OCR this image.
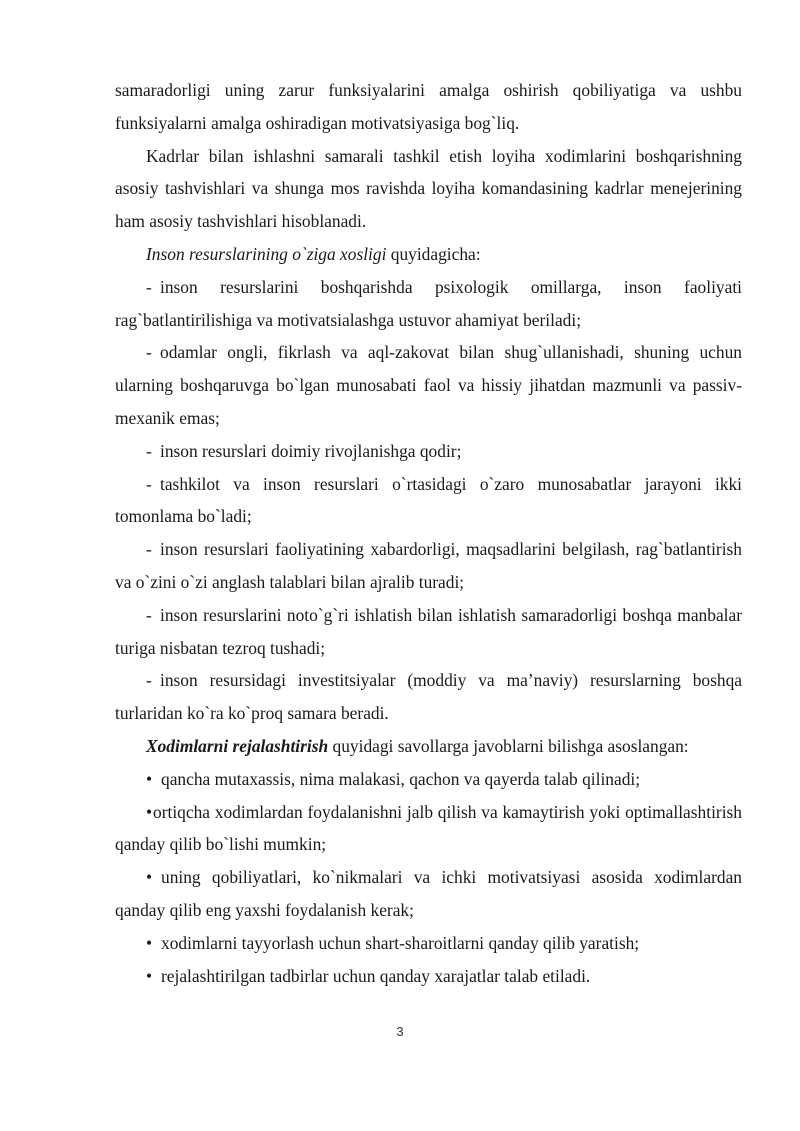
samaradorligi uning zarur funksiyalarini amalga oshirish qobiliyatiga va ushbu funksiyalarni amalga oshiradigan motivatsiyasiga bog`liq.

Kadrlar bilan ishlashni samarali tashkil etish loyiha xodimlarini boshqarishning asosiy tashvishlari va shunga mos ravishda loyiha komandasining kadrlar menejerining ham asosiy tashvishlari hisoblanadi.

Inson resurslarining o`ziga xosligi quyidagicha:

- inson resurslarini boshqarishda psixologik omillarga, inson faoliyati rag`batlantirilishiga va motivatsialashga ustuvor ahamiyat beriladi;

- odamlar ongli, fikrlash va aql-zakovat bilan shug`ullanishadi, shuning uchun ularning boshqaruvga bo`lgan munosabati faol va hissiy jihatdan mazmunli va passiv-mexanik emas;

- inson resurslari doimiy rivojlanishga qodir;

- tashkilot va inson resurslari o`rtasidagi o`zaro munosabatlar jarayoni ikki tomonlama bo`ladi;

- inson resurslari faoliyatining xabardorligi, maqsadlarini belgilash, rag`batlantirish va o`zini o`zi anglash talablari bilan ajralib turadi;

- inson resurslarini noto`g`ri ishlatish bilan ishlatish samaradorligi boshqa manbalar turiga nisbatan tezroq tushadi;

- inson resursidagi investitsiyalar (moddiy va ma’naviy) resurslarning boshqa turlaridan ko`ra ko`proq samara beradi.

Xodimlarni rejalashtirish quyidagi savollarga javoblarni bilishga asoslangan:

• qancha mutaxassis, nima malakasi, qachon va qayerda talab qilinadi;

•ortiqcha xodimlardan foydalanishni jalb qilish va kamaytirish yoki optimallashtirish qanday qilib bo`lishi mumkin;

• uning qobiliyatlari, ko`nikmalari va ichki motivatsiyasi asosida xodimlardan qanday qilib eng yaxshi foydalanish kerak;

• xodimlarni tayyorlash uchun shart-sharoitlarni qanday qilib yaratish;

• rejalashtirilgan tadbirlar uchun qanday xarajatlar talab etiladi.

3
